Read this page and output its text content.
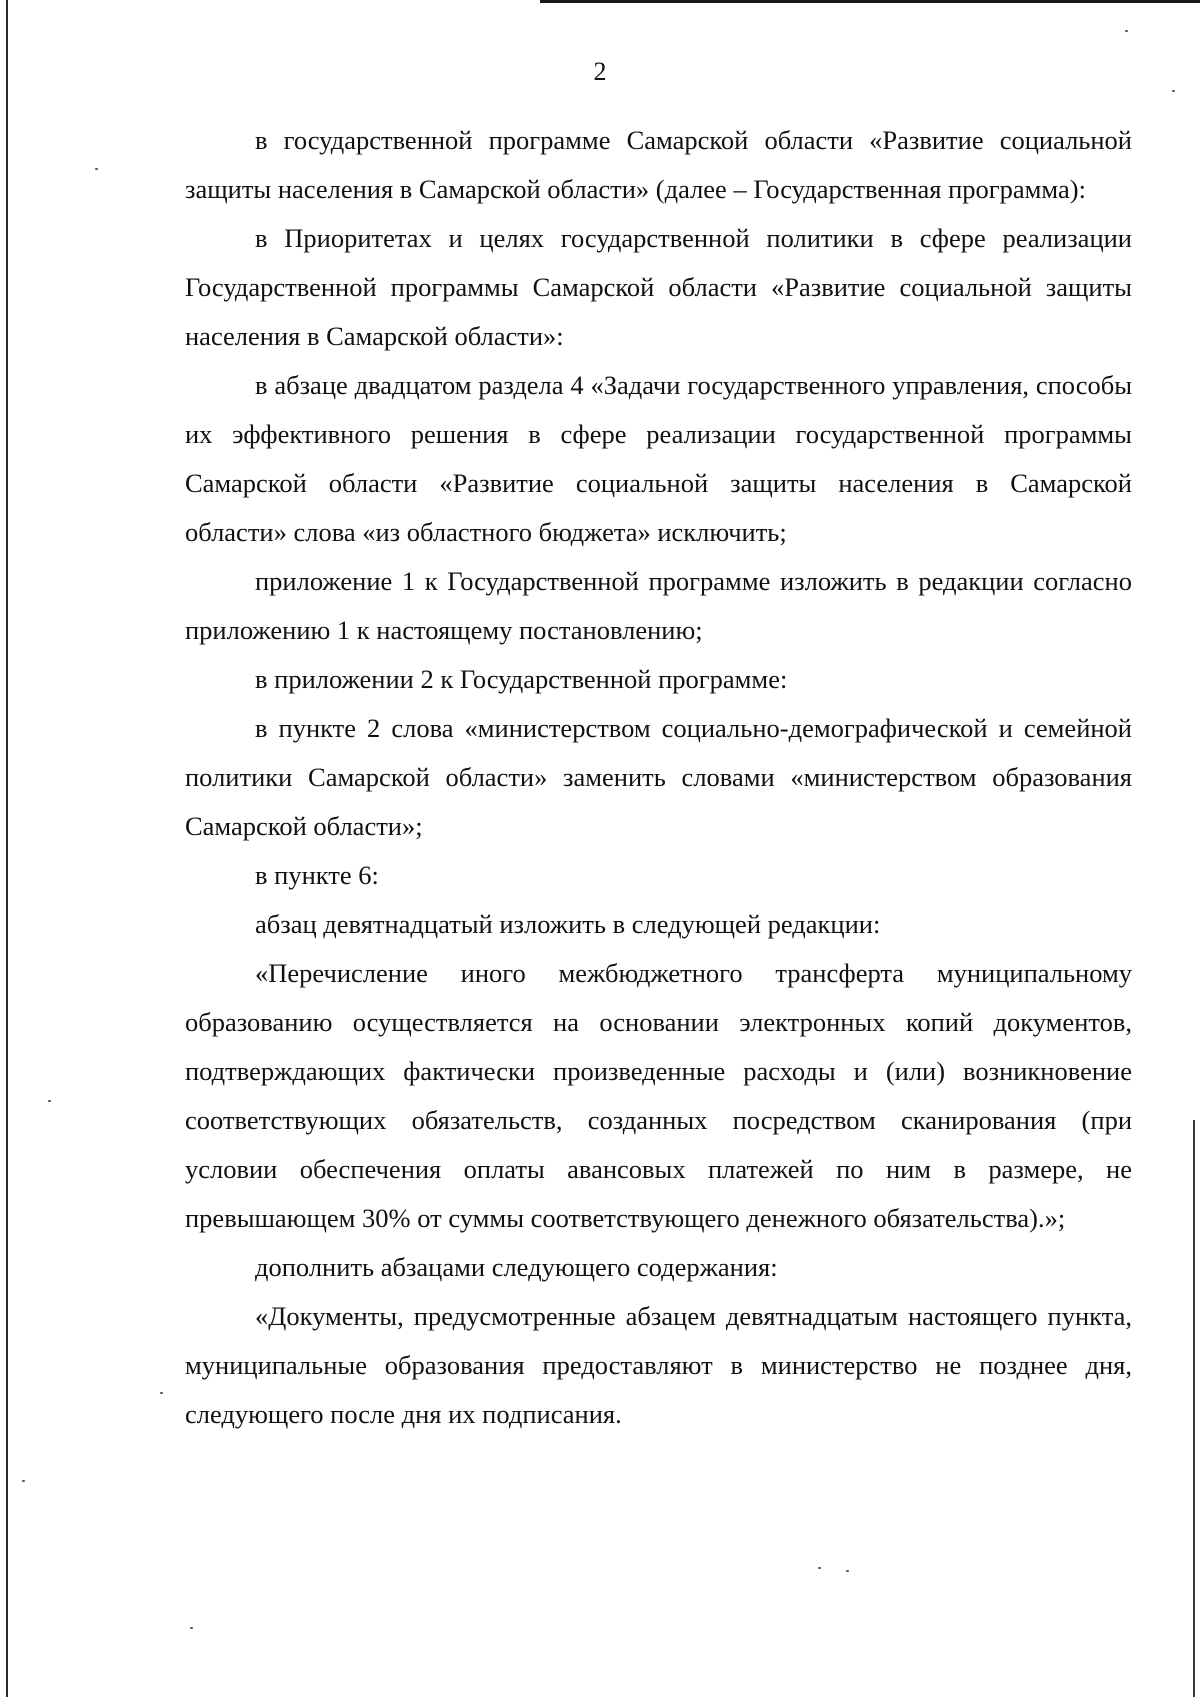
2

в государственной программе Самарской области «Развитие социальной защиты населения в Самарской области» (далее – Государственная программа):

в Приоритетах и целях государственной политики в сфере реализации Государственной программы Самарской области «Развитие социальной защиты населения в Самарской области»:

в абзаце двадцатом раздела 4 «Задачи государственного управления, способы их эффективного решения в сфере реализации государственной программы Самарской области «Развитие социальной защиты населения в Самарской области» слова «из областного бюджета» исключить;

приложение 1 к Государственной программе изложить в редакции согласно приложению 1 к настоящему постановлению;

в приложении 2 к Государственной программе:

в пункте 2 слова «министерством социально-демографической и семейной политики Самарской области» заменить словами «министерством образования Самарской области»;

в пункте 6:

абзац девятнадцатый изложить в следующей редакции:

«Перечисление иного межбюджетного трансферта муниципальному образованию осуществляется на основании электронных копий документов, подтверждающих фактически произведенные расходы и (или) возникновение соответствующих обязательств, созданных посредством сканирования (при условии обеспечения оплаты авансовых платежей по ним в размере, не превышающем 30% от суммы соответствующего денежного обязательства).»;

дополнить абзацами следующего содержания:

«Документы, предусмотренные абзацем девятнадцатым настоящего пункта, муниципальные образования предоставляют в министерство не позднее дня, следующего после дня их подписания.
